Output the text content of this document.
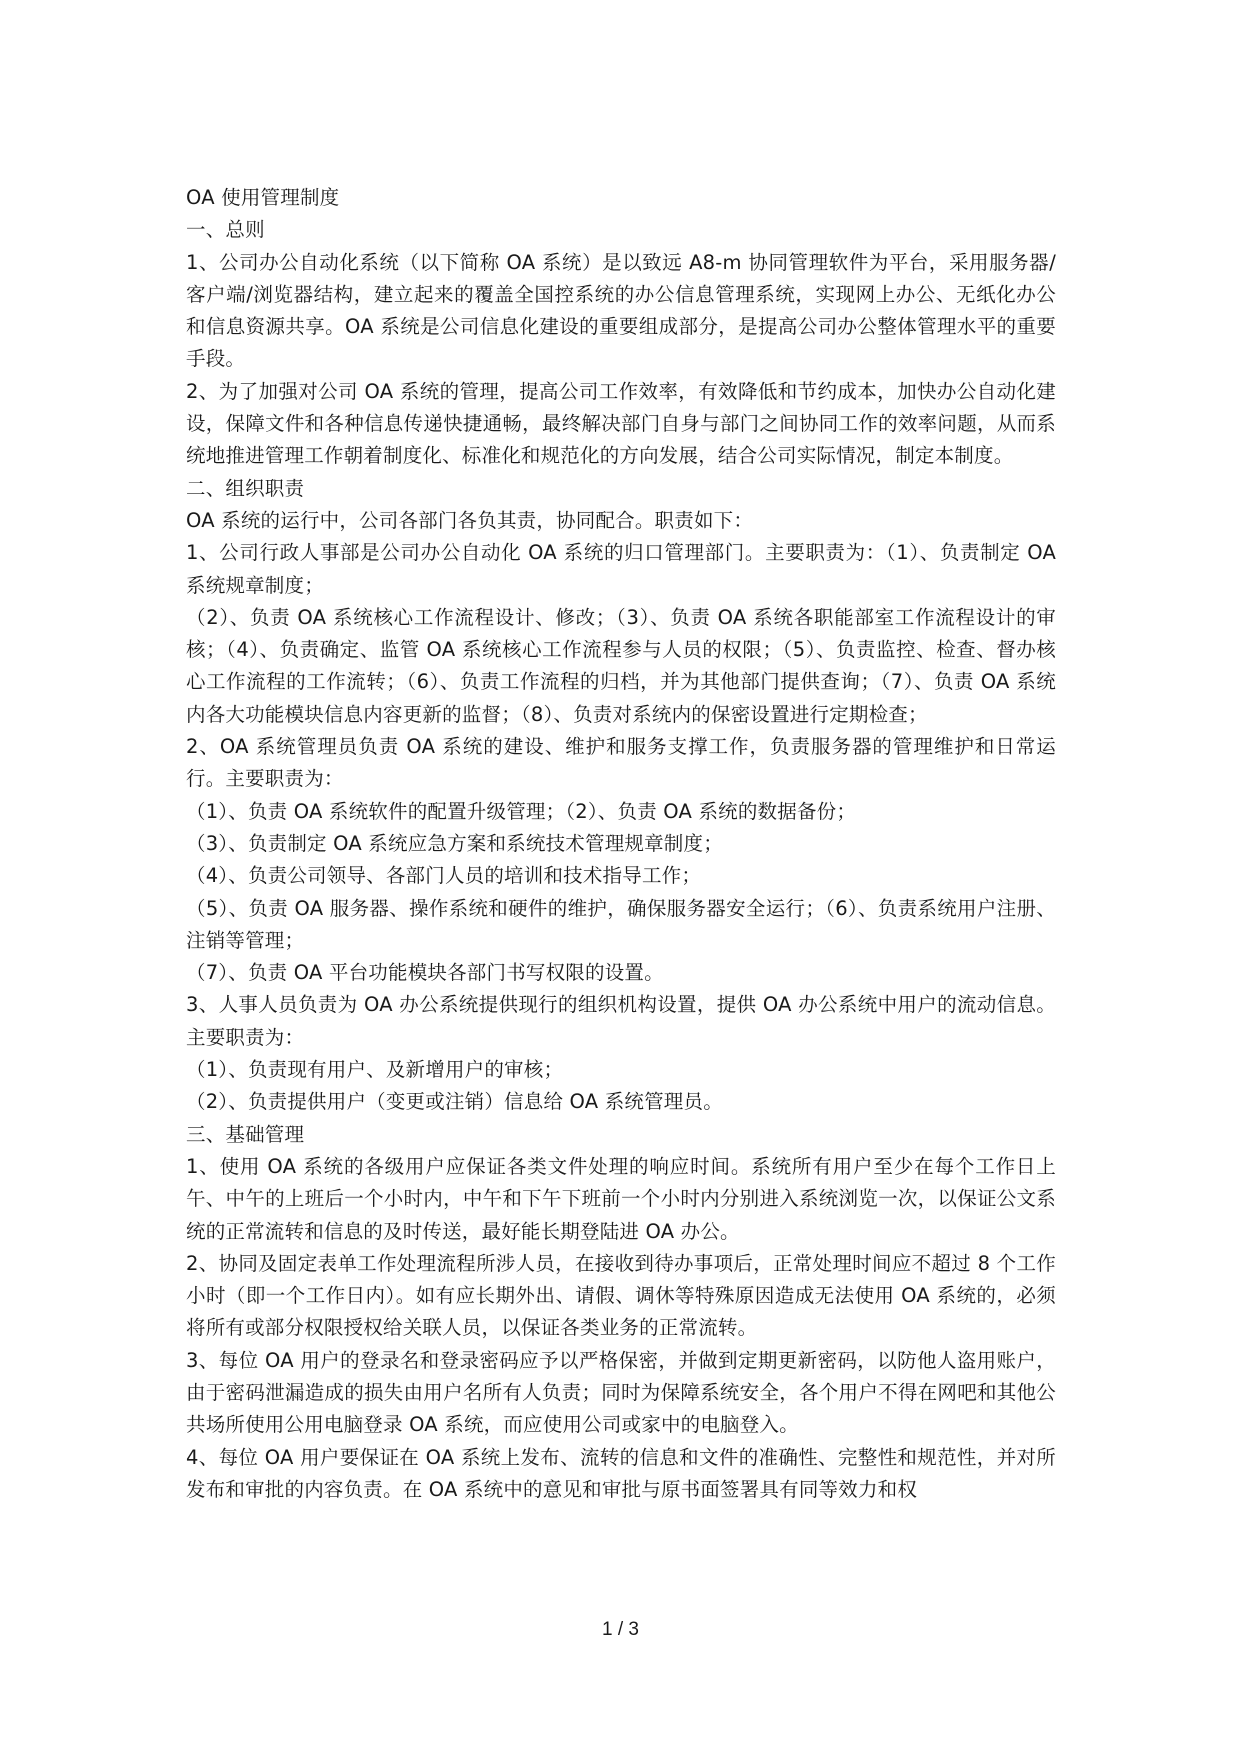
OA 使用管理制度

一、总则

1、公司办公自动化系统（以下简称 OA 系统）是以致远 A8-m 协同管理软件为平台，采用服务器/客户端/浏览器结构，建立起来的覆盖全国控系统的办公信息管理系统，实现网上办公、无纸化办公和信息资源共享。OA 系统是公司信息化建设的重要组成部分，是提高公司办公整体管理水平的重要手段。

2、为了加强对公司 OA 系统的管理，提高公司工作效率，有效降低和节约成本，加快办公自动化建设，保障文件和各种信息传递快捷通畅，最终解决部门自身与部门之间协同工作的效率问题，从而系统地推进管理工作朝着制度化、标准化和规范化的方向发展，结合公司实际情况，制定本制度。

二、组织职责

OA 系统的运行中，公司各部门各负其责，协同配合。职责如下：

1、公司行政人事部是公司办公自动化 OA 系统的归口管理部门。主要职责为：（1）、负责制定 OA 系统规章制度；

（2）、负责 OA 系统核心工作流程设计、修改；（3）、负责 OA 系统各职能部室工作流程设计的审核；（4）、负责确定、监管 OA 系统核心工作流程参与人员的权限；（5）、负责监控、检查、督办核心工作流程的工作流转；（6）、负责工作流程的归档，并为其他部门提供查询；（7）、负责 OA 系统内各大功能模块信息内容更新的监督；（8）、负责对系统内的保密设置进行定期检查；

2、OA 系统管理员负责 OA 系统的建设、维护和服务支撑工作，负责服务器的管理维护和日常运行。主要职责为：

（1）、负责 OA 系统软件的配置升级管理；（2）、负责 OA 系统的数据备份；

（3）、负责制定 OA 系统应急方案和系统技术管理规章制度；

（4）、负责公司领导、各部门人员的培训和技术指导工作；

（5）、负责 OA 服务器、操作系统和硬件的维护，确保服务器安全运行；（6）、负责系统用户注册、注销等管理；

（7）、负责 OA 平台功能模块各部门书写权限的设置。

3、人事人员负责为 OA 办公系统提供现行的组织机构设置，提供 OA 办公系统中用户的流动信息。主要职责为：

（1）、负责现有用户、及新增用户的审核；

（2）、负责提供用户（变更或注销）信息给 OA 系统管理员。

三、基础管理

1、使用 OA 系统的各级用户应保证各类文件处理的响应时间。系统所有用户至少在每个工作日上午、中午的上班后一个小时内，中午和下午下班前一个小时内分别进入系统浏览一次，以保证公文系统的正常流转和信息的及时传送，最好能长期登陆进 OA 办公。

2、协同及固定表单工作处理流程所涉人员，在接收到待办事项后，正常处理时间应不超过 8 个工作小时（即一个工作日内）。如有应长期外出、请假、调休等特殊原因造成无法使用 OA 系统的，必须将所有或部分权限授权给关联人员，以保证各类业务的正常流转。

3、每位 OA 用户的登录名和登录密码应予以严格保密，并做到定期更新密码，以防他人盗用账户，由于密码泄漏造成的损失由用户名所有人负责；同时为保障系统安全，各个用户不得在网吧和其他公共场所使用公用电脑登录 OA 系统，而应使用公司或家中的电脑登入。

4、每位 OA 用户要保证在 OA 系统上发布、流转的信息和文件的准确性、完整性和规范性，并对所发布和审批的内容负责。在 OA 系统中的意见和审批与原书面签署具有同等效力和权

1 / 3
